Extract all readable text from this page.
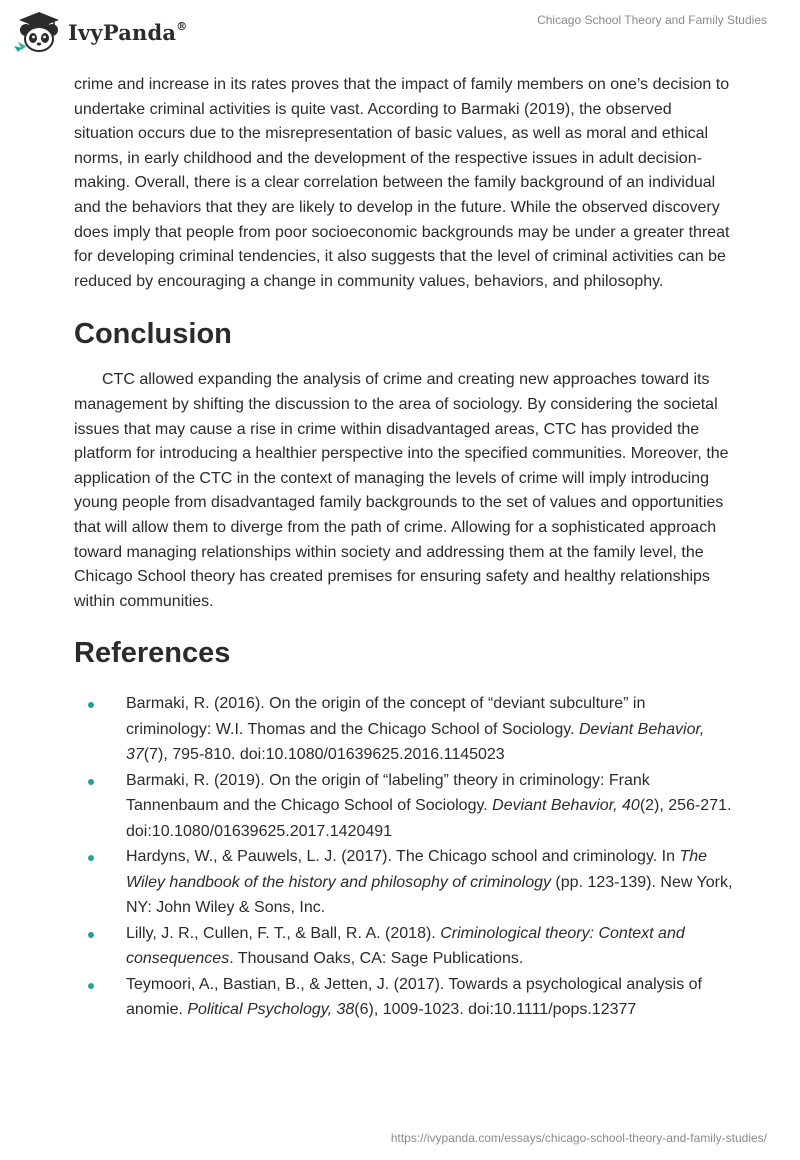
IvyPanda®	Chicago School Theory and Family Studies

crime and increase in its rates proves that the impact of family members on one’s decision to undertake criminal activities is quite vast. According to Barmaki (2019), the observed situation occurs due to the misrepresentation of basic values, as well as moral and ethical norms, in early childhood and the development of the respective issues in adult decision-making. Overall, there is a clear correlation between the family background of an individual and the behaviors that they are likely to develop in the future. While the observed discovery does imply that people from poor socioeconomic backgrounds may be under a greater threat for developing criminal tendencies, it also suggests that the level of criminal activities can be reduced by encouraging a change in community values, behaviors, and philosophy.

Conclusion

CTC allowed expanding the analysis of crime and creating new approaches toward its management by shifting the discussion to the area of sociology. By considering the societal issues that may cause a rise in crime within disadvantaged areas, CTC has provided the platform for introducing a healthier perspective into the specified communities. Moreover, the application of the CTC in the context of managing the levels of crime will imply introducing young people from disadvantaged family backgrounds to the set of values and opportunities that will allow them to diverge from the path of crime. Allowing for a sophisticated approach toward managing relationships within society and addressing them at the family level, the Chicago School theory has created premises for ensuring safety and healthy relationships within communities.

References
Barmaki, R. (2016). On the origin of the concept of “deviant subculture” in criminology: W.I. Thomas and the Chicago School of Sociology. Deviant Behavior, 37(7), 795-810. doi:10.1080/01639625.2016.1145023
Barmaki, R. (2019). On the origin of “labeling” theory in criminology: Frank Tannenbaum and the Chicago School of Sociology. Deviant Behavior, 40(2), 256-271. doi:10.1080/01639625.2017.1420491
Hardyns, W., & Pauwels, L. J. (2017). The Chicago school and criminology. In The Wiley handbook of the history and philosophy of criminology (pp. 123-139). New York, NY: John Wiley & Sons, Inc.
Lilly, J. R., Cullen, F. T., & Ball, R. A. (2018). Criminological theory: Context and consequences. Thousand Oaks, CA: Sage Publications.
Teymoori, A., Bastian, B., & Jetten, J. (2017). Towards a psychological analysis of anomie. Political Psychology, 38(6), 1009-1023. doi:10.1111/pops.12377
https://ivypanda.com/essays/chicago-school-theory-and-family-studies/
